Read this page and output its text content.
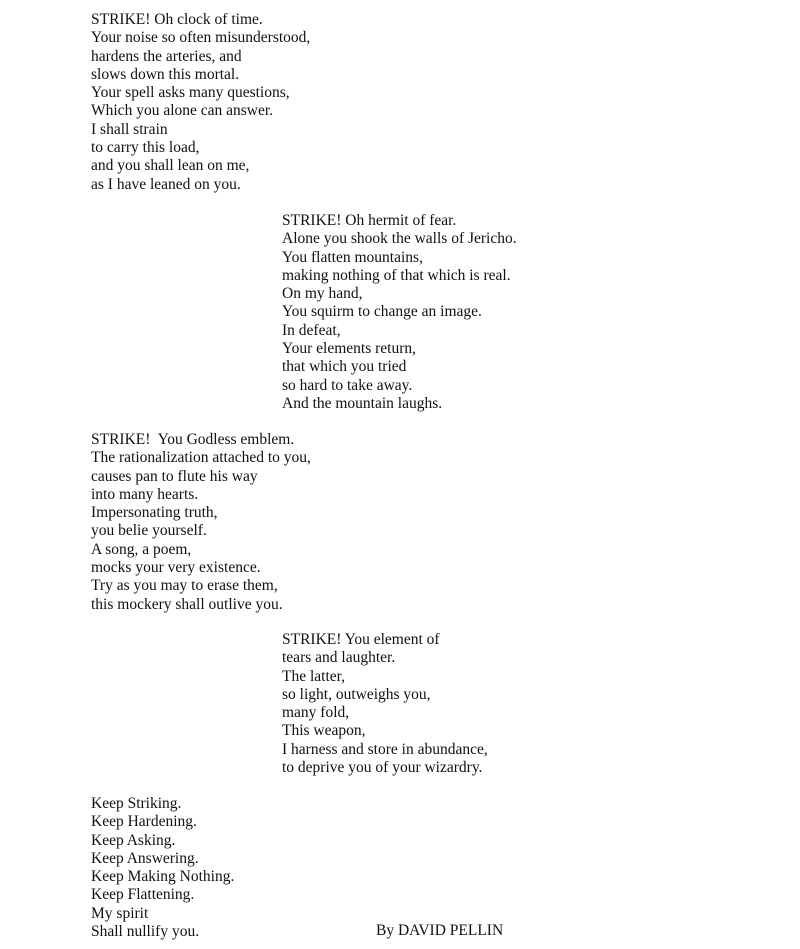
STRIKE! Oh clock of time.
Your noise so often misunderstood,
hardens the arteries, and
slows down this mortal.
Your spell asks many questions,
Which you alone can answer.
I shall strain
to carry this load,
and you shall lean on me,
as I have leaned on you.
STRIKE! Oh hermit of fear.
Alone you shook the walls of Jericho.
You flatten mountains,
making nothing of that which is real.
On my hand,
You squirm to change an image.
In defeat,
Your elements return,
that which you tried
so hard to take away.
And the mountain laughs.
STRIKE!  You Godless emblem.
The rationalization attached to you,
causes pan to flute his way
into many hearts.
Impersonating truth,
you belie yourself.
A song, a poem,
mocks your very existence.
Try as you may to erase them,
this mockery shall outlive you.
STRIKE! You element of
tears and laughter.
The latter,
so light, outweighs you,
many fold,
This weapon,
I harness and store in abundance,
to deprive you of your wizardry.
Keep Striking.
Keep Hardening.
Keep Asking.
Keep Answering.
Keep Making Nothing.
Keep Flattening.
My spirit
Shall nullify you.	By DAVID PELLIN
